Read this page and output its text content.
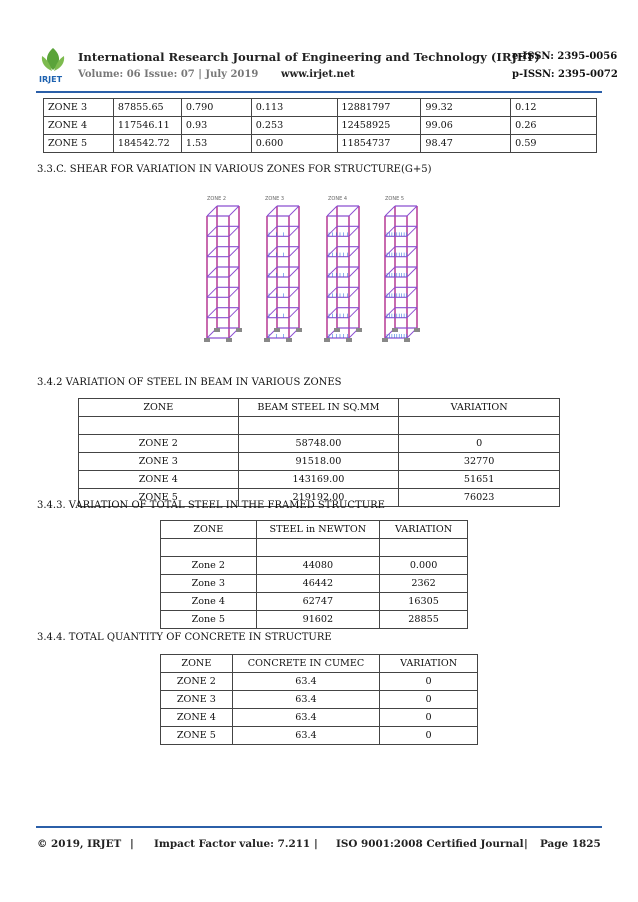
IRJET
International Research Journal of Engineering and Technology (IRJET)
e-ISSN: 2395-0056
Volume: 06 Issue: 07 | July 2019 www.irjet.net	p-ISSN: 2395-0072
ZONE 3	87855.65	0.790	0.113	12881797	99.32	0.12
ZONE 4	117546.11	0.93	0.253	12458925	99.06	0.26
ZONE 5	184542.72	1.53	0.600	11854737	98.47	0.59
3.3.C. SHEAR FOR VARIATION IN VARIOUS ZONES FOR STRUCTURE(G+5)
ZONE 2	ZONE 3	ZONE 4	ZONE 5
3.4.2 VARIATION OF STEEL IN BEAM IN VARIOUS ZONES
ZONE	BEAM STEEL IN SQ.MM	VARIATION

ZONE 2	58748.00	0
ZONE 3	91518.00	32770
ZONE 4	143169.00	51651
ZONE 5	219192.00	76023
3.4.3. VARIATION OF TOTAL STEEL IN THE FRAMED STRUCTURE
ZONE	STEEL in NEWTON	VARIATION

Zone 2	44080	0.000
Zone 3	46442	2362
Zone 4	62747	16305
Zone 5	91602	28855
3.4.4. TOTAL QUANTITY OF CONCRETE IN STRUCTURE
ZONE	CONCRETE IN CUMEC	VARIATION
ZONE 2	63.4	0
ZONE 3	63.4	0
ZONE 4	63.4	0
ZONE 5	63.4	0
© 2019, IRJET | Impact Factor value: 7.211 | ISO 9001:2008 Certified Journal | Page 1825
